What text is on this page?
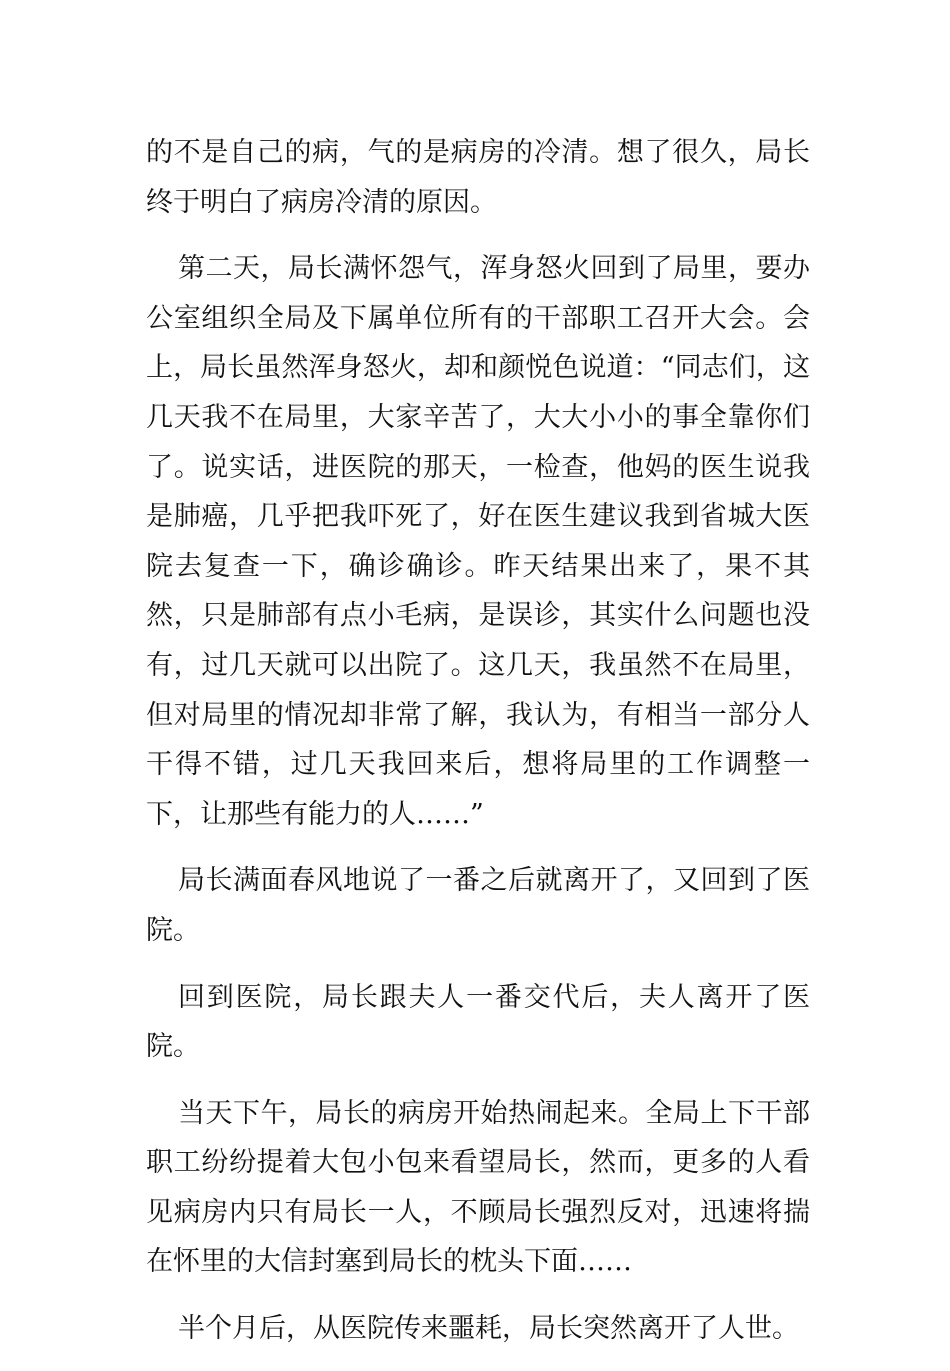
的不是自己的病，气的是病房的冷清。想了很久，局长终于明白了病房冷清的原因。

第二天，局长满怀怨气，浑身怒火回到了局里，要办公室组织全局及下属单位所有的干部职工召开大会。会上，局长虽然浑身怒火，却和颜悦色说道：“同志们，这几天我不在局里，大家辛苦了，大大小小的事全靠你们了。说实话，进医院的那天，一检查，他妈的医生说我是肺癌，几乎把我吓死了，好在医生建议我到省城大医院去复查一下，确诊确诊。昨天结果出来了，果不其然，只是肺部有点小毛病，是误诊，其实什么问题也没有，过几天就可以出院了。这几天，我虽然不在局里，但对局里的情况却非常了解，我认为，有相当一部分人干得不错，过几天我回来后，想将局里的工作调整一下，让那些有能力的人……”

局长满面春风地说了一番之后就离开了，又回到了医院。

回到医院，局长跟夫人一番交代后，夫人离开了医院。

当天下午，局长的病房开始热闹起来。全局上下干部职工纷纷提着大包小包来看望局长，然而，更多的人看见病房内只有局长一人，不顾局长强烈反对，迅速将揣在怀里的大信封塞到局长的枕头下面……

半个月后，从医院传来噩耗，局长突然离开了人世。
